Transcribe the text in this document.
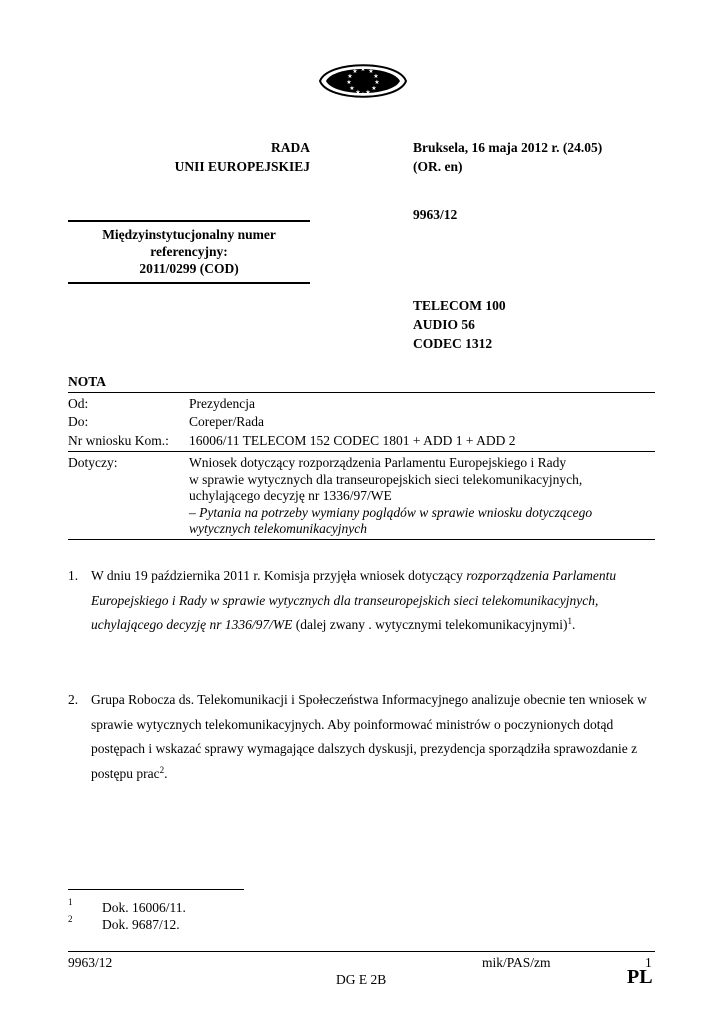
★ ★
★
★
★
★
★
★
★
★
★
★
RADA
UNII EUROPEJSKIEJ
Bruksela, 16 maja 2012 r. (24.05)
(OR. en)
9963/12
Międzyinstytucjonalny numer
referencyjny:
2011/0299 (COD)
TELECOM 100
AUDIO 56
CODEC 1312
NOTA
Od:	Prezydencja
Do:	Coreper/Rada
Nr wniosku Kom.: 16006/11 TELECOM 152 CODEC 1801 + ADD 1 + ADD 2
Dotyczy:	Wniosek dotyczący rozporządzenia Parlamentu Europejskiego i Rady
w sprawie wytycznych dla transeuropejskich sieci telekomunikacyjnych,
uchylającego decyzję nr 1336/97/WE
– Pytania na potrzeby wymiany poglądów w sprawie wniosku dotyczącego
wytycznych telekomunikacyjnych
1. W dniu 19 października 2011 r. Komisja przyjęła wniosek dotyczący rozporządzenia Parlamentu Europejskiego i Rady w sprawie wytycznych dla transeuropejskich sieci telekomunikacyjnych, uchylającego decyzję nr 1336/97/WE (dalej zwany . wytycznymi telekomunikacyjnymi)$^1$.
2. Grupa Robocza ds. Telekomunikacji i Społeczeństwa Informacyjnego analizuje obecnie ten wniosek w sprawie wytycznych telekomunikacyjnych. Aby poinformować ministrów o poczynionych dotąd postępach i wskazać sprawy wymagające dalszych dyskusji, prezydencja sporządziła sprawozdanie z postępu prac$^2$.
1 Dok. 16006/11.
2 Dok. 9687/12.
9963/12	mik/PAS/zm	1
DG E 2B	PL
